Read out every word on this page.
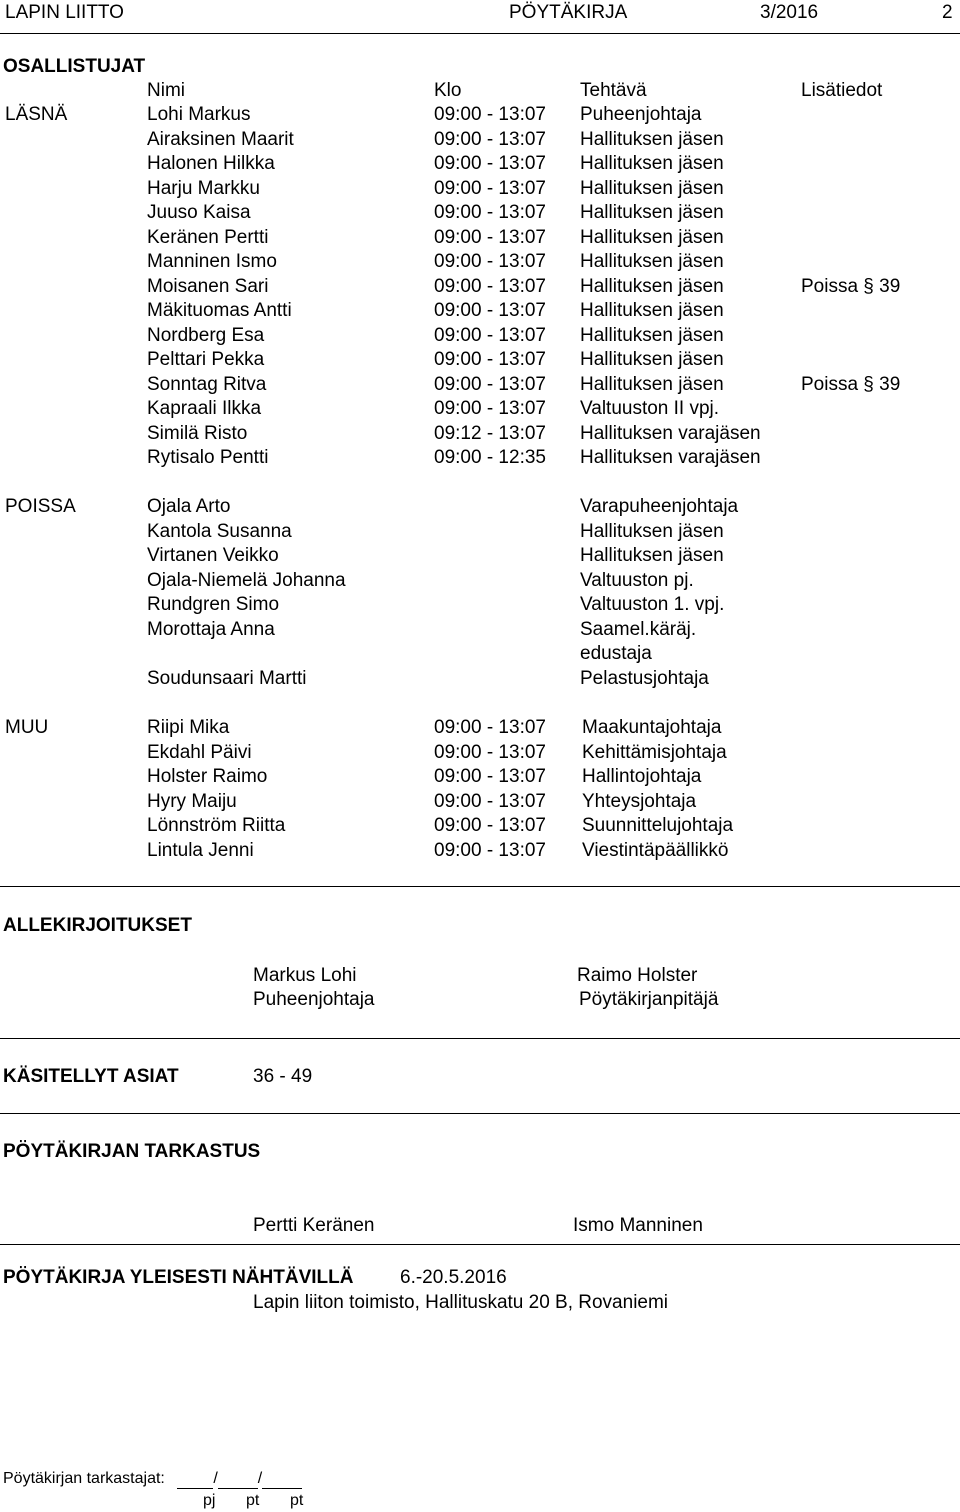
LAPIN LIITTO	PÖYTÄKIRJA	3/2016	2
OSALLISTUJAT
Nimi	Klo	Tehtävä	Lisätiedot
LÄSNÄ	Lohi Markus	09:00 - 13:07 Puheenjohtaja
Airaksinen Maarit	09:00 - 13:07 Hallituksen jäsen
Halonen Hilkka	09:00 - 13:07 Hallituksen jäsen
Harju Markku	09:00 - 13:07 Hallituksen jäsen
Juuso Kaisa	09:00 - 13:07 Hallituksen jäsen
Keränen Pertti	09:00 - 13:07 Hallituksen jäsen
Manninen Ismo	09:00 - 13:07 Hallituksen jäsen
Moisanen Sari	09:00 - 13:07 Hallituksen jäsen	Poissa § 39
Mäkituomas Antti	09:00 - 13:07 Hallituksen jäsen
Nordberg Esa	09:00 - 13:07 Hallituksen jäsen
Pelttari Pekka	09:00 - 13:07 Hallituksen jäsen
Sonntag Ritva	09:00 - 13:07 Hallituksen jäsen	Poissa § 39
Kapraali Ilkka	09:00 - 13:07 Valtuuston II vpj.
Similä Risto	09:12 - 13:07 Hallituksen varajäsen
Rytisalo Pentti	09:00 - 12:35 Hallituksen varajäsen
POISSA	Ojala Arto	Varapuheenjohtaja
Kantola Susanna	Hallituksen jäsen
Virtanen Veikko	Hallituksen jäsen
Ojala-Niemelä Johanna	Valtuuston pj.
Rundgren Simo	Valtuuston 1. vpj.
Morottaja Anna	Saamel.käräj.
edustaja
Soudunsaari Martti	Pelastusjohtaja
MUU	Riipi Mika	09:00 - 13:07 Maakuntajohtaja
Ekdahl Päivi	09:00 - 13:07 Kehittämisjohtaja
Holster Raimo	09:00 - 13:07 Hallintojohtaja
Hyry Maiju	09:00 - 13:07 Yhteysjohtaja
Lönnström Riitta	09:00 - 13:07 Suunnittelujohtaja
Lintula Jenni	09:00 - 13:07 Viestintäpäällikkö
ALLEKIRJOITUKSET
Markus Lohi
Puheenjohtaja
Raimo Holster
Pöytäkirjanpitäjä
KÄSITELLYT ASIAT	36 - 49
PÖYTÄKIRJAN TARKASTUS
Pertti Keränen	Ismo Manninen
PÖYTÄKIRJA YLEISESTI NÄHTÄVILLÄ 6.-20.5.2016
Lapin liiton toimisto, Hallituskatu 20 B, Rovaniemi
Pöytäkirjan tarkastajat:	/	/
pj pt pt
